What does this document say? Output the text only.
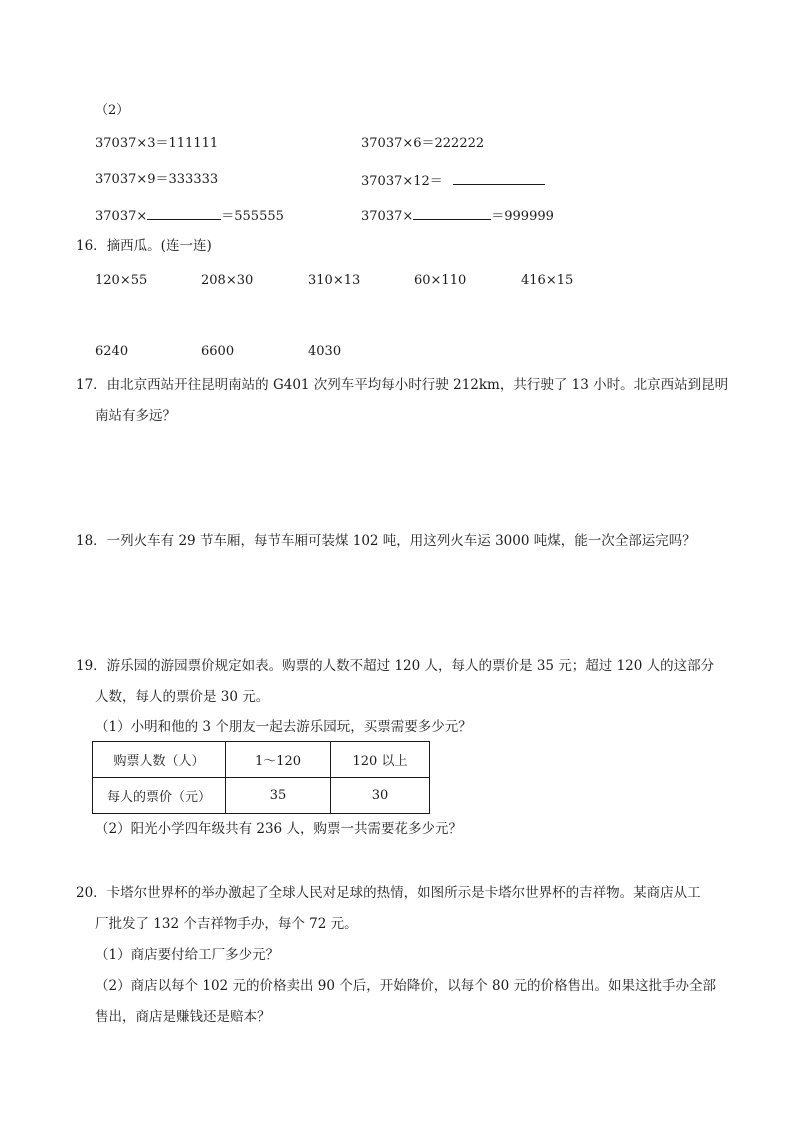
（2）
37037×3＝111111	37037×6＝222222
37037×9＝333333	37037×12＝
37037×	＝555555	37037×	＝999999
16．摘西瓜。(连一连)
120×55	208×30	310×13	60×110	416×15
6240	6600	4030
17．由北京西站开往昆明南站的 G401 次列车平均每小时行驶 212km，共行驶了 13 小时。北京西站到昆明
南站有多远？
18．一列火车有 29 节车厢，每节车厢可装煤 102 吨，用这列火车运 3000 吨煤，能一次全部运完吗？
19．游乐园的游园票价规定如表。购票的人数不超过 120 人，每人的票价是 35 元；超过 120 人的这部分
人数，每人的票价是 30 元。
（1）小明和他的 3 个朋友一起去游乐园玩，买票需要多少元？
购票人数（人）	1～120	120 以上
每人的票价（元）	35	30
（2）阳光小学四年级共有 236 人，购票一共需要花多少元？
20．卡塔尔世界杯的举办激起了全球人民对足球的热情，如图所示是卡塔尔世界杯的吉祥物。某商店从工
厂批发了 132 个吉祥物手办，每个 72 元。
（1）商店要付给工厂多少元？
（2）商店以每个 102 元的价格卖出 90 个后，开始降价，以每个 80 元的价格售出。如果这批手办全部
售出，商店是赚钱还是赔本？
